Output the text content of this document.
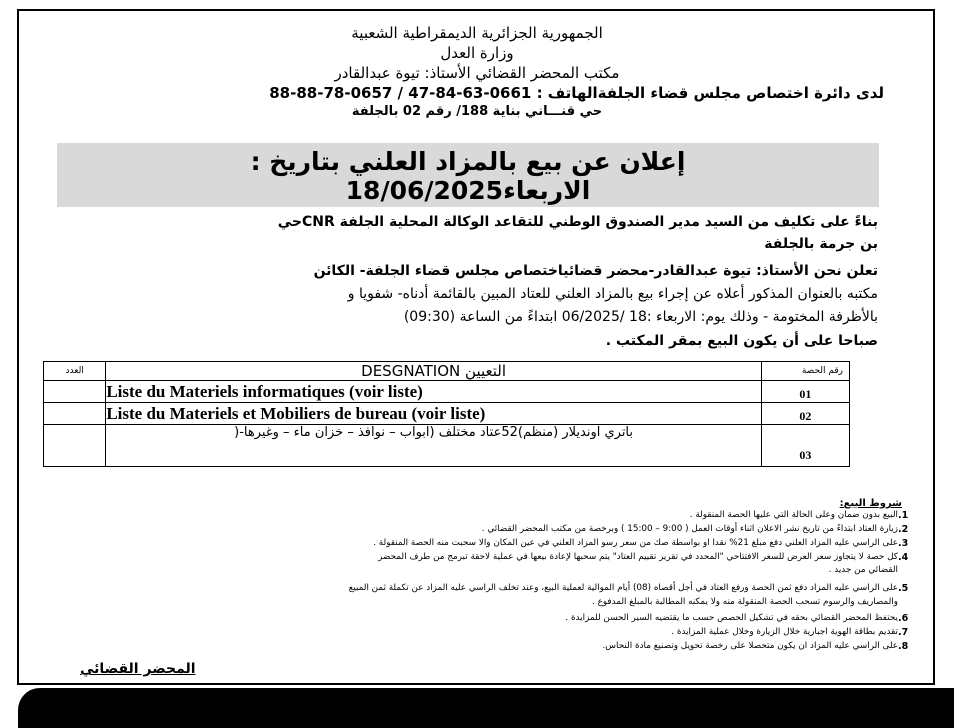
الجمهورية الجزائرية الديمقراطية الشعبية
وزارة العدل
مكتب المحضر القضائي الأستاذ: تيوة عبدالقادر
لدى دائرة اختصاص مجلس قضاء الجلفةالهاتف : 0661-63-84-47 / 0657-78-88-88
حي قنـــاني بناية 188/ رقم 02 بالجلفة
إعلان عن بيع بالمزاد العلني بتاريخ :
الاربعاء18/06/2025
بناءً على تكليف من السيد مدير الصندوق الوطني للتقاعد الوكالة المحلية الجلفة CNRحي
بن جرمة بالجلفة
تعلن نحن الأستاذ: تيوة عبدالقادر-محضر قضائياختصاص مجلس قضاء الجلفة- الكائن
مكتبه بالعنوان المذكور أعلاه عن إجراء بيع بالمزاد العلني للعتاد المبين بالقائمة أدناه- شفويا و
بالأظرفة المختومة - وذلك يوم: الاربعاء :18 /06/2025 ابتداءً من الساعة (09:30)
صباحا على أن يكون البيع بمقر المكتب .
العدد	DESGNATION التعيين	رقم الحصة
	Liste du Materiels informatiques (voir liste)	01
	Liste du Materiels et Mobiliers de bureau (voir liste)	02
	باتري اونديلار (منظم)52عتاد مختلف (ابواب – نوافذ – خزان ماء – وغيرها-(	03
شروط البيع:
1.البيع بدون ضمان وعلى الحالة التي عليها الحصة المنقولة .
2.زيارة العتاد ابتداءً من تاريخ نشر الاعلان اثناء أوقات العمل ( 9:00 – 15:00 ) وبرخصة من مكتب المحضر القضائي .
3.على الراسي عليه المزاد العلني دفع مبلغ 21% نقدا او بواسطة صك من سعر رسو المزاد العلني في عين المكان والا سحبت منه الحصة المنقولة .
4.كل حصة لا يتجاوز سعر العرض للسعر الافتتاحي "المحدد في تقرير تقييم العتاد" يتم سحبها لإعادة بيعها في عملية لاحقة تبرمج من طرف المحضر
القضائي من جديد .
5.على الراسي عليه المزاد دفع ثمن الحصة ورفع العتاد في أجل أقصاه (08) أيام الموالية لعملية البيع، وعند تخلف الراسي عليه المزاد عن تكملة ثمن المبيع
والمصاريف والرسوم تسحب الحصة المنقولة منه ولا يمكنه المطالبة بالمبلغ المدفوع .
6.يحتفظ المحضر القضائي بحقه في تشكيل الحصص حسب ما يقتضيه السير الحسن للمزايدة .
7.تقديم بطاقة الهوية اجبارية خلال الزيارة وخلال عملية المزايدة .
8.على الراسي عليه المزاد ان يكون متحصلا على رخصة تحويل وتصنيع مادة النحاس.
المحضر القضائي
